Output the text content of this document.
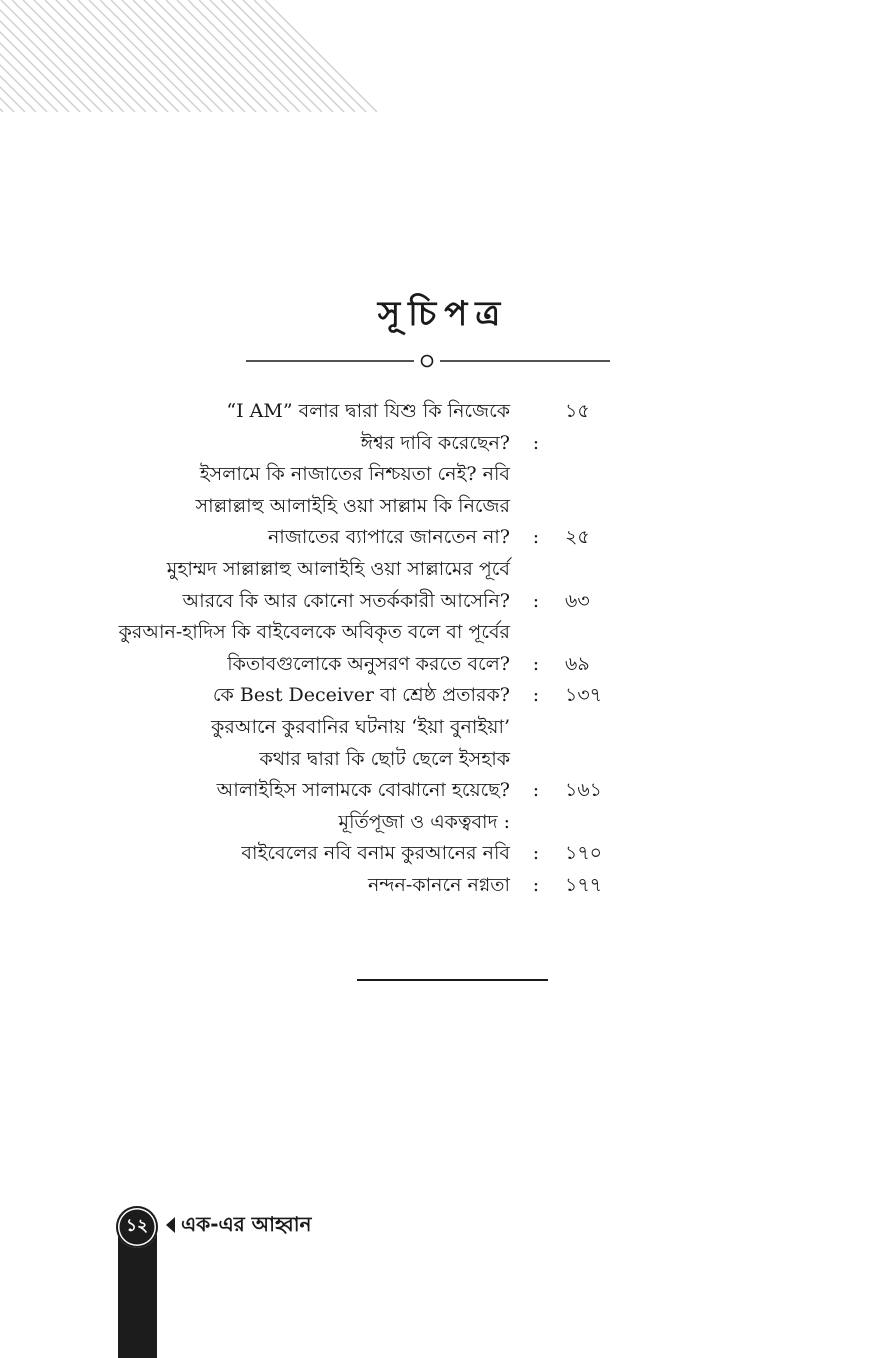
সূচিপত্র
“I AM” বলার দ্বারা যিশু কি নিজেকে	১৫
ঈশ্বর দাবি করেছেন? :
ইসলামে কি নাজাতের নিশ্চয়তা নেই? নবি
সাল্লাল্লাহু আলাইহি ওয়া সাল্লাম কি নিজের
নাজাতের ব্যাপারে জানতেন না? : ২৫
মুহাম্মদ সাল্লাল্লাহু আলাইহি ওয়া সাল্লামের পূর্বে
আরবে কি আর কোনো সতর্ককারী আসেনি? : ৬৩
কুরআন-হাদিস কি বাইবেলকে অবিকৃত বলে বা পূর্বের
কিতাবগুলোকে অনুসরণ করতে বলে? : ৬৯
কে Best Deceiver বা শ্রেষ্ঠ প্রতারক? : ১৩৭
কুরআনে কুরবানির ঘটনায় ‘ইয়া বুনাইয়া’
কথার দ্বারা কি ছোট ছেলে ইসহাক
আলাইহিস সালামকে বোঝানো হয়েছে? : ১৬১
মূর্তিপূজা ও একত্ববাদ :
বাইবেলের নবি বনাম কুরআনের নবি : ১৭০
নন্দন-কাননে নগ্নতা : ১৭৭
১২	এক-এর আহ্বান
